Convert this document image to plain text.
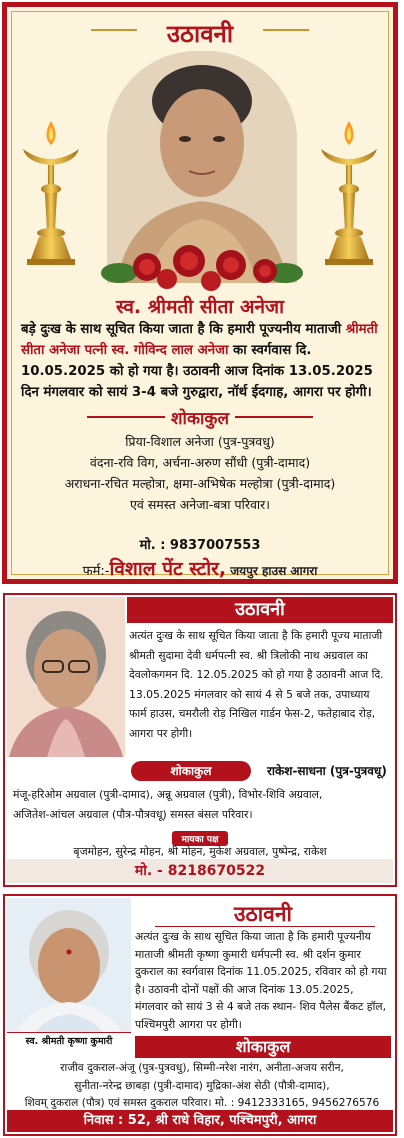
उठावनी
स्व. श्रीमती सीता अनेजा
बड़े दुःख के साथ सूचित किया जाता है कि हमारी पूज्यनीय माताजी श्रीमती सीता अनेजा पत्नी स्व. गोविन्द लाल अनेजा का स्वर्गवास दि. 10.05.2025 को हो गया है। उठावनी आज दिनांक 13.05.2025 दिन मंगलवार को सायं 3-4 बजे गुरुद्वारा, नॉर्थ ईदगाह, आगरा पर होगी।
शोकाकुल
प्रिया-विशाल अनेजा (पुत्र-पुत्रवधु)
वंदना-रवि विग, अर्चना-अरुण सौंधी (पुत्री-दामाद)
अराधना-रचित मल्होत्रा, क्षमा-अभिषेक मल्होत्रा (पुत्री-दामाद)
एवं समस्त अनेजा-बत्रा परिवार।
मो. : 9837007553
फर्म:-विशाल पेंट स्टोर, जयपुर हाउस आगरा
उठावनी
अत्यंत दुःख के साथ सूचित किया जाता है कि हमारी पूज्य माताजी श्रीमती सुदामा देवी धर्मपत्नी स्व. श्री त्रिलोकी नाथ अग्रवाल का देवलोकगमन दि. 12.05.2025 को हो गया है उठावनी आज दि. 13.05.2025 मंगलवार को सायं 4 से 5 बजे तक, उपाध्याय फार्म हाउस, चमरौली रोड़ निखिल गार्डन फेस-2, फतेहाबाद रोड़, आगरा पर होगी।
शोकाकुल	राकेश-साधना (पुत्र-पुत्रवधू)
मंजू-हरिओम अग्रवाल (पुत्री-दामाद), अन्नू अग्रवाल (पुत्री), विभोर-शिवि अग्रवाल,
अजितेश-आंचल अग्रवाल (पौत्र-पौत्रवधू) समस्त बंसल परिवार।
मायका पक्ष
बृजमोहन, सुरेन्द्र मोहन, श्री मोहन, मुकेश अग्रवाल, पुष्पेन्द्र, राकेश
मो. - 8218670522
स्व. श्रीमती कृष्णा कुमारी
उठावनी
अत्यंत दुःख के साथ सूचित किया जाता है कि हमारी पूज्यनीय माताजी श्रीमती कृष्णा कुमारी धर्मपत्नी स्व. श्री दर्शन कुमार दुकराल का स्वर्गवास दिनांक 11.05.2025, रविवार को हो गया है। उठावनी दोनों पक्षों की आज दिनांक 13.05.2025, मंगलवार को सायं 3 से 4 बजे तक स्थान- शिव पैलेस बैंकट हॉल, पश्चिमपुरी आगरा पर होगी।
शोकाकुल
राजीव दुकराल-अंजू (पुत्र-पुत्रवधु), सिम्मी-नरेश नारंग, अनीता-अजय सरीन,
सुनीता-नरेन्द्र छाबड़ा (पुत्री-दामाद) मुद्रिका-अंश सेठी (पौत्री-दामाद),
शिवम् दुकराल (पौत्र) एवं समस्त दुकराल परिवार। मो. : 9412333165, 9456276576
निवास : 52, श्री राधे विहार, पश्चिमपुरी, आगरा
